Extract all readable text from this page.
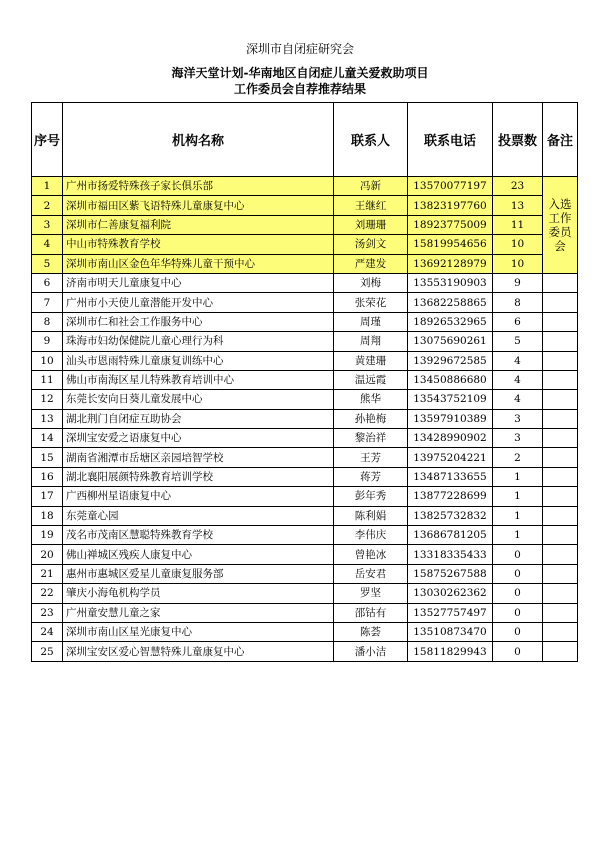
深圳市自闭症研究会
海洋天堂计划-华南地区自闭症儿童关爱救助项目
工作委员会自荐推荐结果
序号	机构名称	联系人	联系电话	投票数	备注
1	广州市扬爱特殊孩子家长俱乐部	冯新	13570077197	23	入选工作委员会
2	深圳市福田区紫飞语特殊儿童康复中心	王继红	13823197760	13	
3	深圳市仁善康复福利院	刘珊珊	18923775009	11	
4	中山市特殊教育学校	汤剑文	15819954656	10	
5	深圳市南山区金色年华特殊儿童干预中心	严建发	13692128979	10	
6	济南市明天儿童康复中心	刘梅	13553190903	9	
7	广州市小天使儿童潜能开发中心	张荣花	13682258865	8	
8	深圳市仁和社会工作服务中心	周瑾	18926532965	6	
9	珠海市妇幼保健院儿童心理行为科	周翔	13075690261	5	
10	汕头市恩雨特殊儿童康复训练中心	黄建珊	13929672585	4	
11	佛山市南海区星儿特殊教育培训中心	温远霞	13450886680	4	
12	东莞长安向日葵儿童发展中心	熊华	13543752109	4	
13	湖北荆门自闭症互助协会	孙艳梅	13597910389	3	
14	深圳宝安爱之语康复中心	黎治祥	13428990902	3	
15	湖南省湘潭市岳塘区亲园培智学校	王芳	13975204221	2	
16	湖北襄阳展颜特殊教育培训学校	蒋芳	13487133655	1	
17	广西柳州星语康复中心	彭年秀	13877228699	1	
18	东莞童心园	陈利娟	13825732832	1	
19	茂名市茂南区慧聪特殊教育学校	李伟庆	13686781205	1	
20	佛山禅城区残疾人康复中心	曾艳冰	13318335433	0	
21	惠州市惠城区爱星儿童康复服务部	岳安君	15875267588	0	
22	肇庆小海龟机构学员	罗坚	13030262362	0	
23	广州童安慧儿童之家	邵钴有	13527757497	0	
24	深圳市南山区星光康复中心	陈荟	13510873470	0	
25	深圳宝安区爱心智慧特殊儿童康复中心	潘小洁	15811829943	0	
